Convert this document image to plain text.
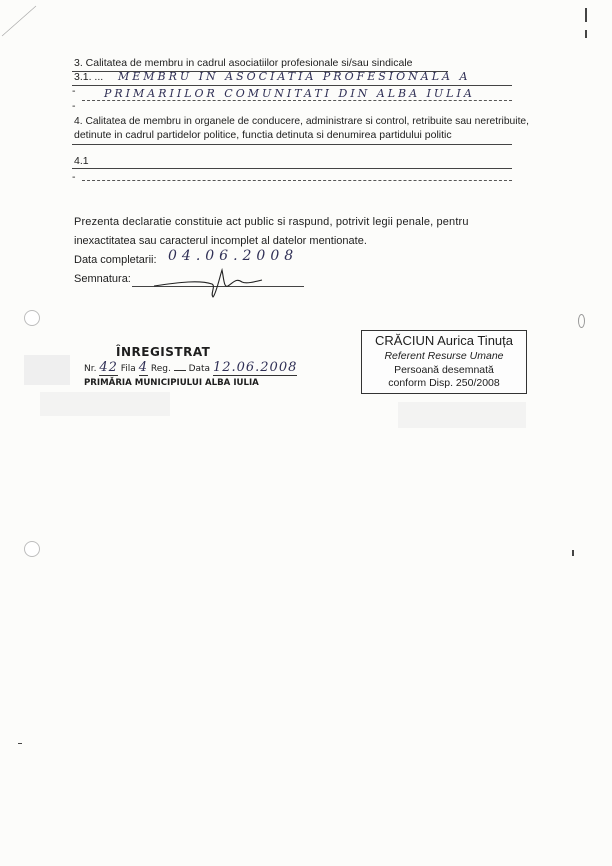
3. Calitatea de membru in cadrul asociatiilor profesionale si/sau sindicale
3.1. ... MEMBRU IN ASOCIATIA PROFESIONALA A
-	PRIMARIILOR COMUNITATI DIN ALBA IULIA
-
4. Calitatea de membru in organele de conducere, administrare si control, retribuite sau neretribuite,
detinute in cadrul partidelor politice, functia detinuta si denumirea partidului politic
4.1
-
Prezenta declaratie constituie act public si raspund, potrivit legii penale, pentru
inexactitatea sau caracterul incomplet al datelor mentionate.
Data completarii: 04.06.2008
Semnatura:
ÎNREGISTRAT
Nr. 42 Fila 4 Reg. Data 12.06.2008
PRIMĂRIA MUNICIPIULUI ALBA IULIA
CRĂCIUN Aurica Tinuța
Referent Resurse Umane
Persoană desemnată
conform Disp. 250/2008
